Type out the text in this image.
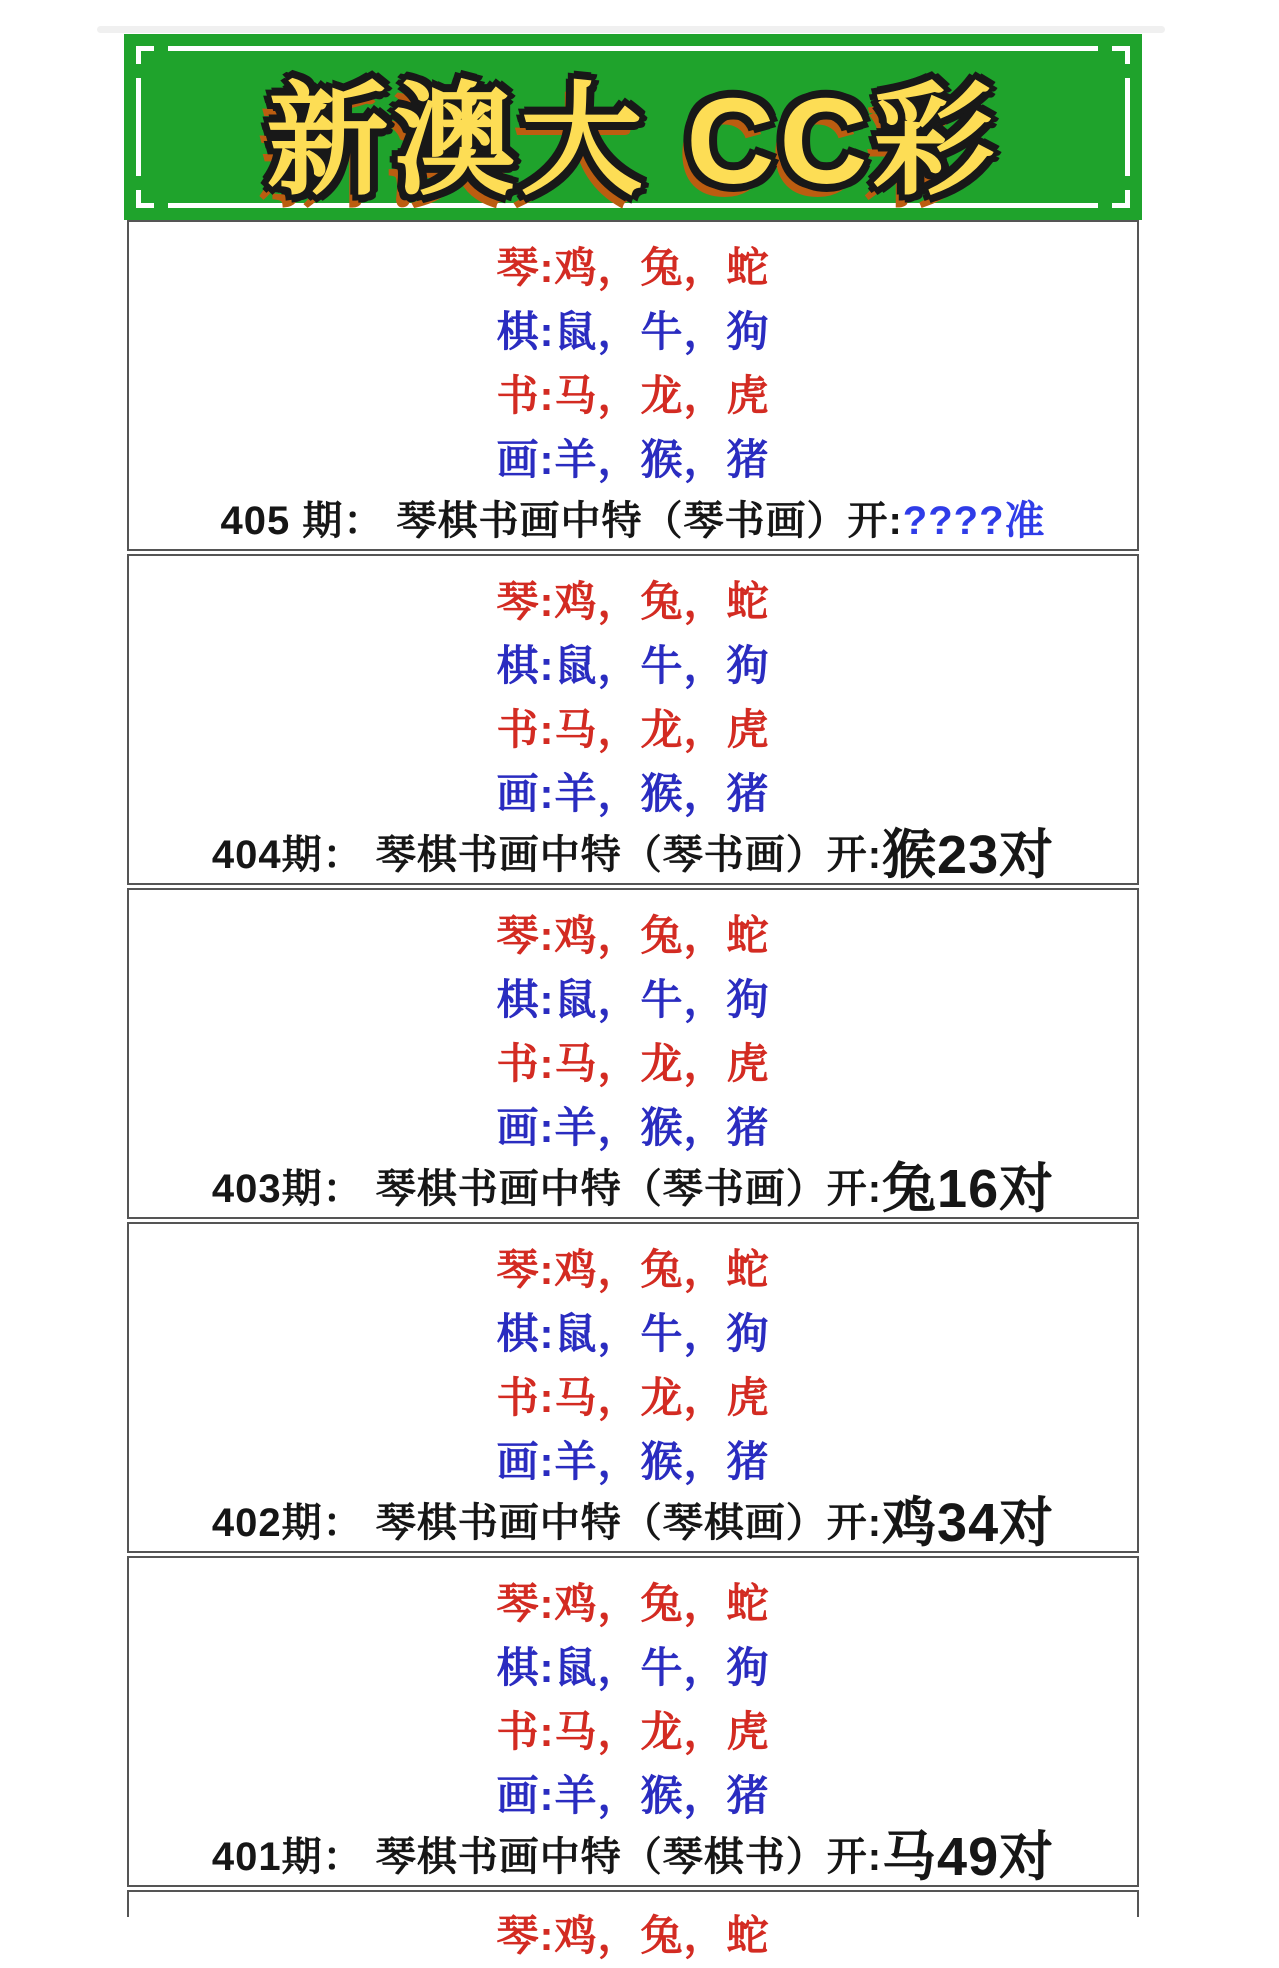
新澳大 CC彩
琴:鸡，兔，蛇
棋:鼠，牛，狗
书:马，龙，虎
画:羊，猴，猪
405 期： 琴棋书画中特（琴书画）开:????准
琴:鸡，兔，蛇
棋:鼠，牛，狗
书:马，龙，虎
画:羊，猴，猪
404期： 琴棋书画中特（琴书画）开:猴23对
琴:鸡，兔，蛇
棋:鼠，牛，狗
书:马，龙，虎
画:羊，猴，猪
403期： 琴棋书画中特（琴书画）开:兔16对
琴:鸡，兔，蛇
棋:鼠，牛，狗
书:马，龙，虎
画:羊，猴，猪
402期： 琴棋书画中特（琴棋画）开:鸡34对
琴:鸡，兔，蛇
棋:鼠，牛，狗
书:马，龙，虎
画:羊，猴，猪
401期： 琴棋书画中特（琴棋书）开:马49对
琴:鸡，兔，蛇
